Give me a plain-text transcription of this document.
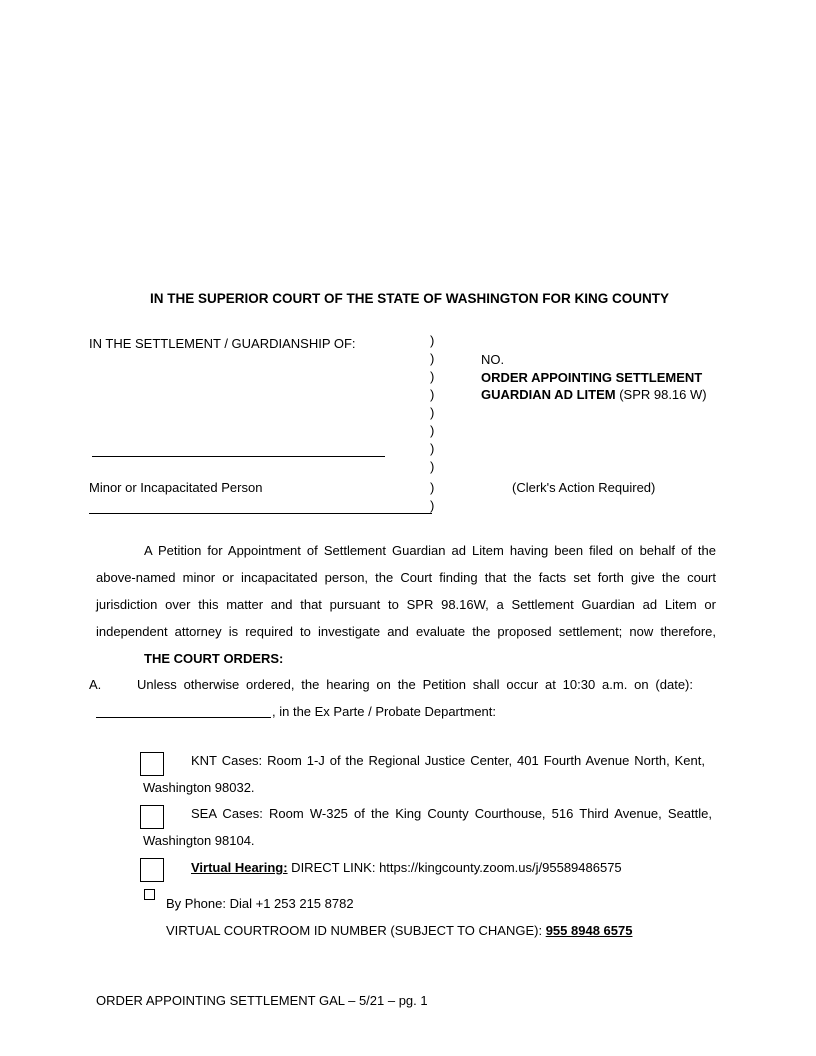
IN THE SUPERIOR COURT OF THE STATE OF WASHINGTON FOR KING COUNTY
IN THE SETTLEMENT / GUARDIANSHIP OF:
Minor or Incapacitated Person
)
)
)
)
)
)
)
)
)
)
NO.
ORDER APPOINTING SETTLEMENT
GUARDIAN AD LITEM (SPR 98.16 W)
(Clerk's Action Required)
A Petition for Appointment of Settlement Guardian ad Litem having been filed on behalf of the above-named minor or incapacitated person, the Court finding that the facts set forth give the court jurisdiction over this matter and that pursuant to SPR 98.16W, a Settlement Guardian ad Litem or independent attorney is required to investigate and evaluate the proposed settlement; now therefore,
THE COURT ORDERS:
A.	Unless otherwise ordered, the hearing on the Petition shall occur at 10:30 a.m. on (date):
, in the Ex Parte / Probate Department:
KNT Cases: Room 1-J of the Regional Justice Center, 401 Fourth Avenue North, Kent,
Washington 98032.
SEA Cases: Room W-325 of the King County Courthouse, 516 Third Avenue, Seattle,
Washington 98104.
Virtual Hearing: DIRECT LINK: https://kingcounty.zoom.us/j/95589486575
By Phone: Dial +1 253 215 8782
VIRTUAL COURTROOM ID NUMBER (SUBJECT TO CHANGE): 955 8948 6575
ORDER APPOINTING SETTLEMENT GAL – 5/21 – pg. 1
